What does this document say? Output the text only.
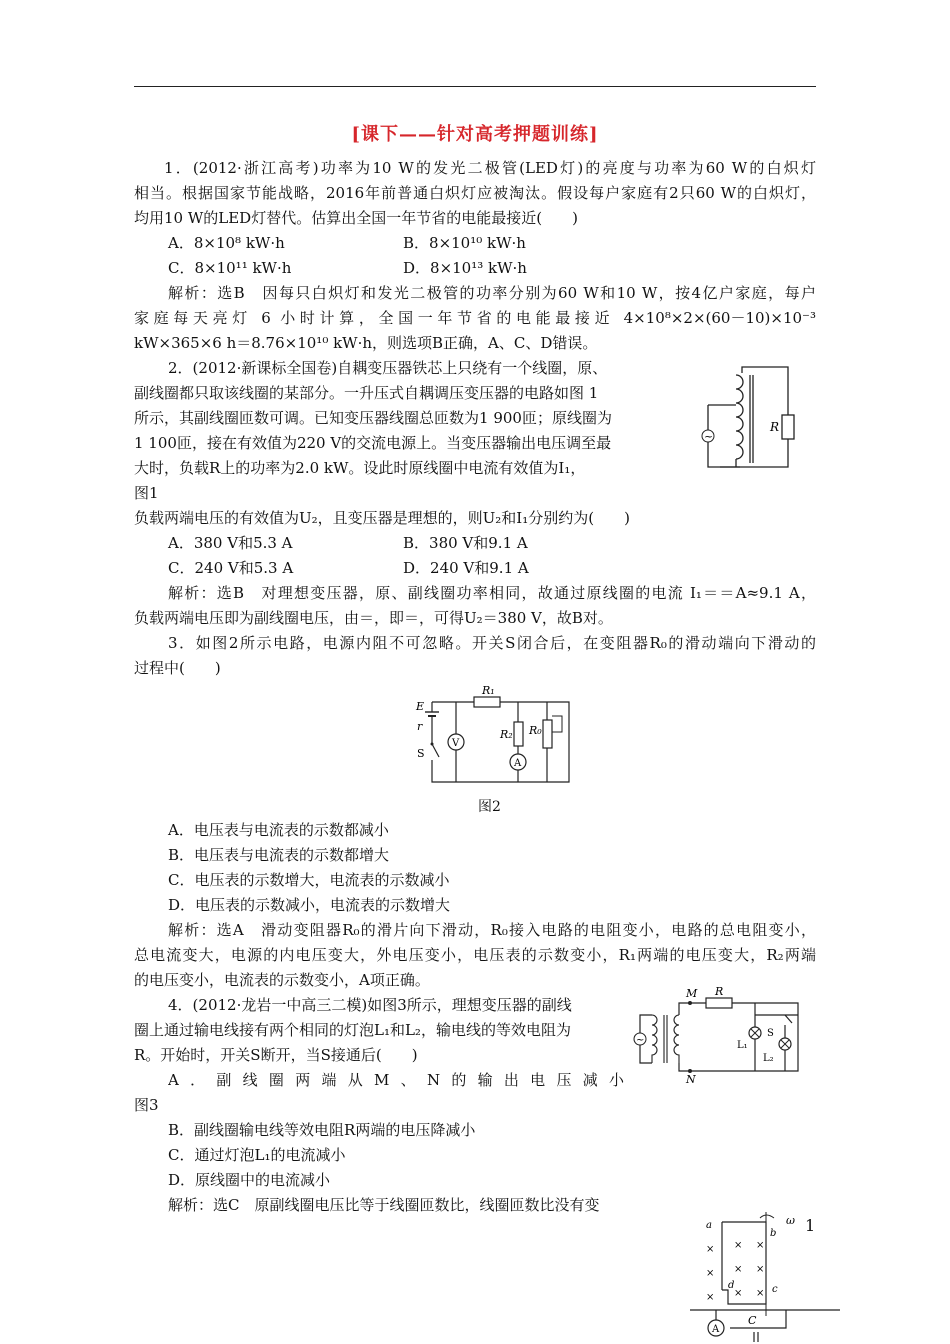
[课下——针对高考押题训练]
1．(2012·浙江高考)功率为10 W的发光二极管(LED灯)的亮度与功率为60 W的白炽灯
相当。根据国家节能战略，2016年前普通白炽灯应被淘汰。假设每户家庭有2只60 W的白炽灯，
均用10 W的LED灯替代。估算出全国一年节省的电能最接近(　　)
A．8×10⁸ kW·h	B．8×10¹⁰ kW·h
C．8×10¹¹ kW·h	D．8×10¹³ kW·h
解析：选B　因每只白炽灯和发光二极管的功率分别为60 W和10 W，按4亿户家庭，每户
家庭每天亮灯 6 小时计算，全国一年节省的电能最接近 4×10⁸×2×(60－10)×10⁻³
kW×365×6 h＝8.76×10¹⁰ kW·h，则选项B正确，A、C、D错误。
2．(2012·新课标全国卷)自耦变压器铁芯上只绕有一个线圈，原、
副线圈都只取该线圈的某部分。一升压式自耦调压变压器的电路如图 1
所示，其副线圈匝数可调。已知变压器线圈总匝数为1 900匝；原线圈为
1 100匝，接在有效值为220 V的交流电源上。当变压器输出电压调至最
大时，负载R上的功率为2.0 kW。设此时原线圈中电流有效值为I₁，
图1
负载两端电压的有效值为U₂，且变压器是理想的，则U₂和I₁分别约为(　　)
R
~
A．380 V和5.3 A	B．380 V和9.1 A
C．240 V和5.3 A	D．240 V和9.1 A
解析：选B　对理想变压器，原、副线圈功率相同，故通过原线圈的电流 I₁＝＝A≈9.1 A，
负载两端电压即为副线圈电压，由＝，即＝，可得U₂＝380 V，故B对。
3．如图2所示电路，电源内阻不可忽略。开关S闭合后，在变阻器R₀的滑动端向下滑动的
过程中(　　)
E
r
S
V
A
R₁
R₂ R₀
图2
A．电压表与电流表的示数都减小
B．电压表与电流表的示数都增大
C．电压表的示数增大，电流表的示数减小
D．电压表的示数减小，电流表的示数增大
解析：选A　滑动变阻器R₀的滑片向下滑动，R₀接入电路的电阻变小，电路的总电阻变小，
总电流变大，电源的内电压变大，外电压变小，电压表的示数变小，R₁两端的电压变大，R₂两端
的电压变小，电流表的示数变小，A项正确。
4．(2012·龙岩一中高三二模)如图3所示，理想变压器的副线
圈上通过输电线接有两个相同的灯泡L₁和L₂，输电线的等效电阻为
R。开始时，开关S断开，当S接通后(　　)
A．副线圈两端从M、N的输出电压减小
图3
~
M
N
R
S
L₁
L₂
B．副线圈输电线等效电阻R两端的电压降减小
C．通过灯泡L₁的电流减小
D．原线圈中的电流减小
解析：选C　原副线圈电压比等于线圈匝数比，线圈匝数比没有变
a
×
×
×
× ×
× ×
× ×
d
b
c
ω
A
C
1
